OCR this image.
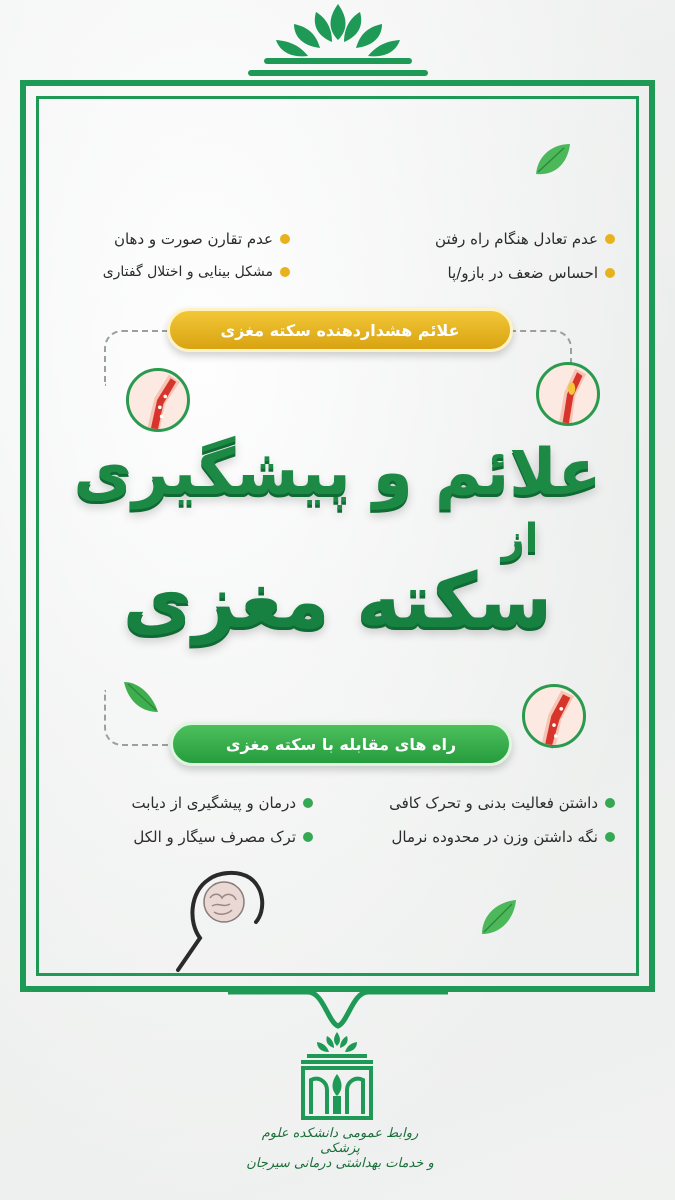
عدم تعادل هنگام راه رفتن
عدم تقارن صورت و دهان
احساس ضعف در بازو/پا
مشکل بینایی و اختلال گفتاری
علائم هشداردهنده سکته مغزی
علائم و پیشگیری
از
سکته مغزی
راه های مقابله با سکته مغزی
داشتن فعالیت بدنی و تحرک کافی
درمان و پیشگیری از دیابت
نگه داشتن وزن در محدوده نرمال
ترک مصرف سیگار و الکل
روابط عمومی دانشکده علوم پزشکی
و خدمات بهداشتی درمانی سیرجان
